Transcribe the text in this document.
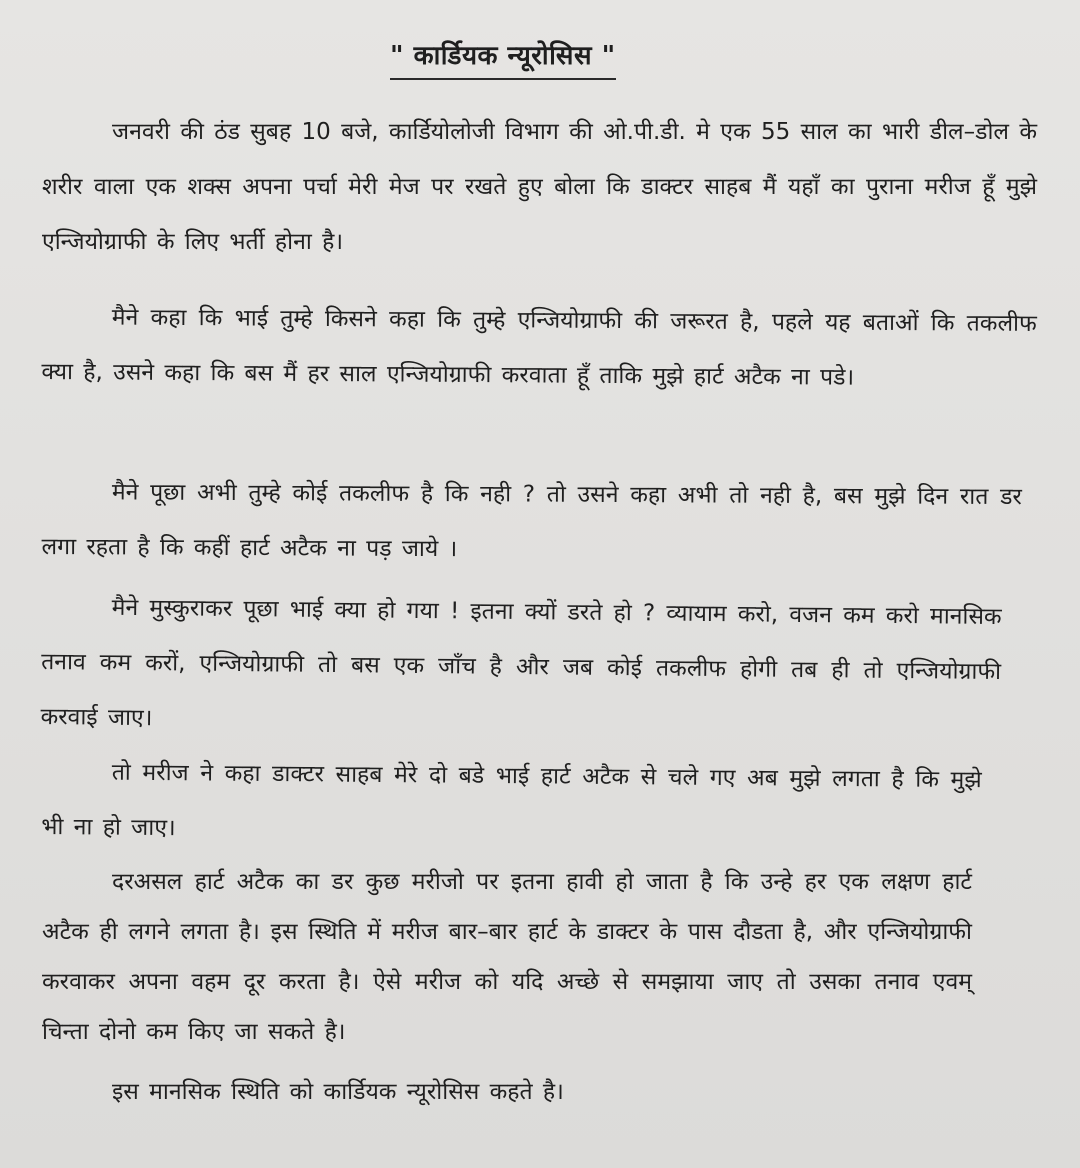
" कार्डियक न्यूरोसिस "

जनवरी की ठंड सुबह 10 बजे, कार्डियोलोजी विभाग की ओ.पी.डी. मे एक 55 साल का भारी डील–डोल के शरीर वाला एक शक्स अपना पर्चा मेरी मेज पर रखते हुए बोला कि डाक्टर साहब मैं यहाँ का पुराना मरीज हूँ मुझे एन्जियोग्राफी के लिए भर्ती होना है।

मैने कहा कि भाई तुम्हे किसने कहा कि तुम्हे एन्जियोग्राफी की जरूरत है, पहले यह बताओं कि तकलीफ क्या है, उसने कहा कि बस मैं हर साल एन्जियोग्राफी करवाता हूँ ताकि मुझे हार्ट अटैक ना पडे।

मैने पूछा अभी तुम्हे कोई तकलीफ है कि नही ? तो उसने कहा अभी तो नही है, बस मुझे दिन रात डर लगा रहता है कि कहीं हार्ट अटैक ना पड़ जाये ।

मैने मुस्कुराकर पूछा भाई क्या हो गया ! इतना क्यों डरते हो ? व्यायाम करो, वजन कम करो मानसिक तनाव कम करों, एन्जियोग्राफी तो बस एक जाँच है और जब कोई तकलीफ होगी तब ही तो एन्जियोग्राफी करवाई जाए।

तो मरीज ने कहा डाक्टर साहब मेरे दो बडे भाई हार्ट अटैक से चले गए अब मुझे लगता है कि मुझे भी ना हो जाए।

दरअसल हार्ट अटैक का डर कुछ मरीजो पर इतना हावी हो जाता है कि उन्हे हर एक लक्षण हार्ट अटैक ही लगने लगता है। इस स्थिति में मरीज बार–बार हार्ट के डाक्टर के पास दौडता है, और एन्जियोग्राफी करवाकर अपना वहम दूर करता है। ऐसे मरीज को यदि अच्छे से समझाया जाए तो उसका तनाव एवम् चिन्ता दोनो कम किए जा सकते है।

इस मानसिक स्थिति को कार्डियक न्यूरोसिस कहते है।
